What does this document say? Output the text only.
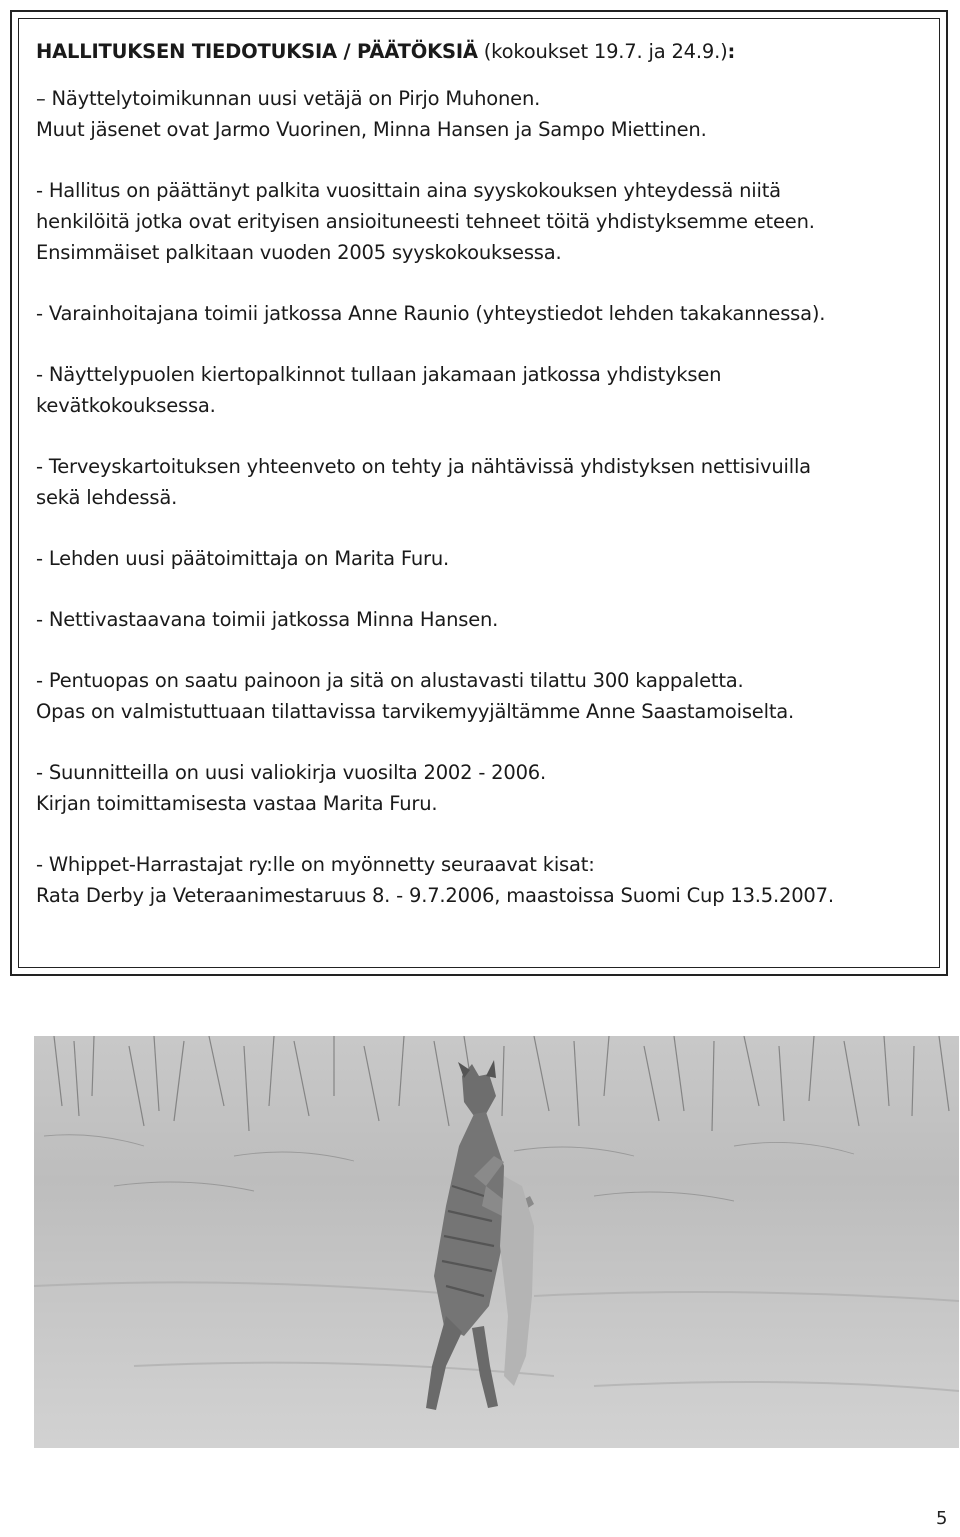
HALLITUKSEN TIEDOTUKSIA / PÄÄTÖKSIÄ (kokoukset 19.7. ja 24.9.):

– Näyttelytoimikunnan uusi vetäjä on Pirjo Muhonen.
Muut jäsenet ovat Jarmo Vuorinen, Minna Hansen ja Sampo Miettinen.

- Hallitus on päättänyt palkita vuosittain aina syyskokouksen yhteydessä niitä
henkilöitä jotka ovat erityisen ansioituneesti tehneet töitä yhdistyksemme eteen.
Ensimmäiset palkitaan vuoden 2005 syyskokouksessa.

- Varainhoitajana toimii jatkossa Anne Raunio (yhteystiedot lehden takakannessa).

- Näyttelypuolen kiertopalkinnot tullaan jakamaan jatkossa yhdistyksen
kevätkokouksessa.

- Terveyskartoituksen yhteenveto on tehty ja nähtävissä yhdistyksen nettisivuilla
sekä lehdessä.

- Lehden uusi päätoimittaja on Marita Furu.

- Nettivastaavana toimii jatkossa Minna Hansen.

- Pentuopas on saatu painoon ja sitä on alustavasti tilattu 300 kappaletta.
Opas on valmistuttuaan tilattavissa tarvikemyyjältämme Anne Saastamoiselta.

- Suunnitteilla on uusi valiokirja vuosilta 2002 - 2006.
Kirjan toimittamisesta vastaa Marita Furu.

- Whippet-Harrastajat ry:lle on myönnetty seuraavat kisat:
Rata Derby ja Veteraanimestaruus 8. - 9.7.2006, maastoissa Suomi Cup 13.5.2007.

5
